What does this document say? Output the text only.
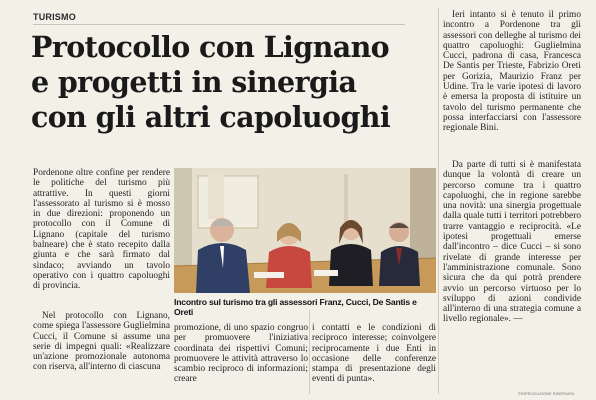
TURISMO
Protocollo con Lignano
e progetti in sinergia
con gli altri capoluoghi

Pordenone oltre confine per rendere le politiche del turismo più attrattive. In questi giorni l'assessorato al turismo si è mosso in due direzioni: proponendo un protocollo con il Comune di Lignano (capitale del turismo balneare) che è stato recepito dalla giunta e che sarà firmato dal sindaco; avviando un tavolo operativo con i quattro capoluoghi di provincia.

Nel protocollo con Lignano, come spiega l'assessore Guglielmina Cucci, il Comune si assume una serie di impegni quali: «Realizzare un'azione promozionale autonoma con riserva, all'interno di ciascuna

Incontro sul turismo tra gli assessori Franz, Cucci, De Santis e Oreti

promozione, di uno spazio congruo per promuovere l'iniziativa coordinata dei rispettivi Comuni; promuovere le attività attraverso lo scambio reciproco di informazioni; creare

i contatti e le condizioni di reciproco interesse; coinvolgere reciprocamente i due Enti in occasione delle conferenze stampa di presentazione degli eventi di punta».

Ieri intanto si è tenuto il primo incontro a Pordenone tra gli assessori con delleghe al turismo dei quattro capoluoghi: Guglielmina Cucci, padrona di casa, Francesca De Santis per Trieste, Fabrizio Oreti per Gorizia, Maurizio Franz per Udine. Tra le varie ipotesi di lavoro è emersa la proposta di istituire un tavolo del turismo permanente che possa interfacciarsi con l'assessore regionale Bini.

Da parte di tutti si è manifestata dunque la volontà di creare un percorso comune tra i quattro capoluoghi, che in regione sarebbe una novità: una sinergia progettuale dalla quale tutti i territori potrebbero trarre vantaggio e reciprocità. «Le ipotesi progettuali emerse dall'incontro – dice Cucci – si sono rivelate di grande interesse per l'amministrazione comunale. Sono sicura che da qui potrà prendere avvio un percorso virtuoso per lo sviluppo di azioni condivide all'interno di una strategia comune a livello regionale». —

©RIPRODUZIONE RISERVATA
